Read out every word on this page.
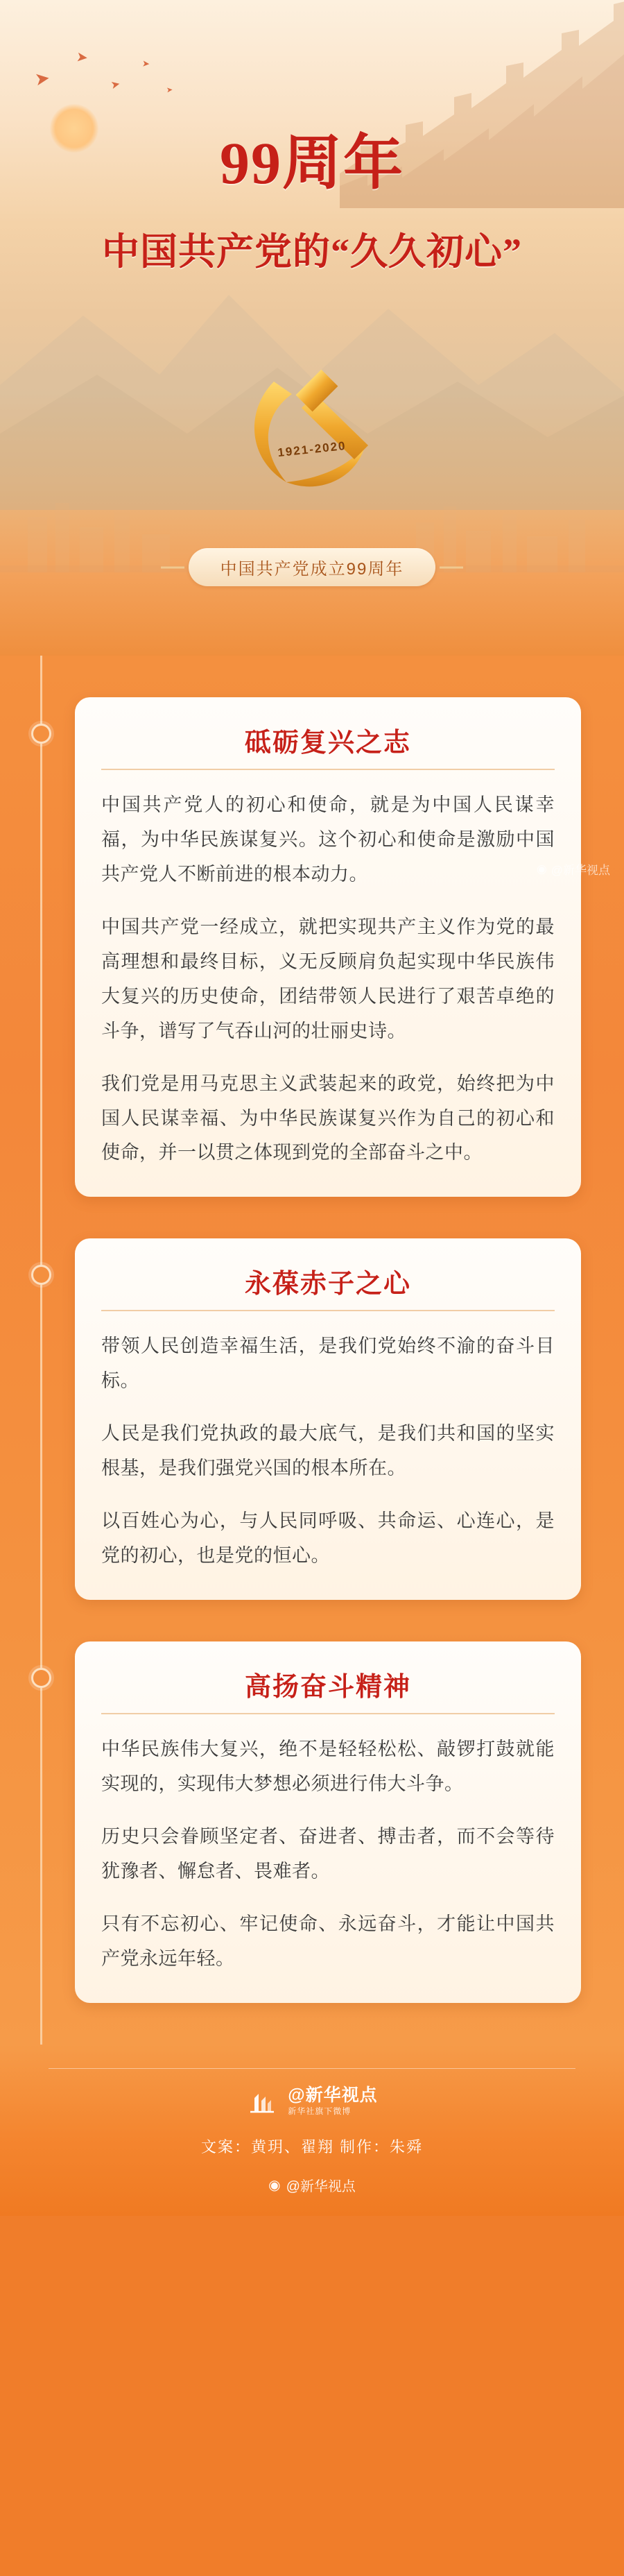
➤
➤
➤
➤
➤
99周年
中国共产党的“久久初心”
1921-2020
中国共产党成立99周年
砥砺复兴之志

中国共产党人的初心和使命，就是为中国人民谋幸福，为中华民族谋复兴。这个初心和使命是激励中国共产党人不断前进的根本动力。

中国共产党一经成立，就把实现共产主义作为党的最高理想和最终目标，义无反顾肩负起实现中华民族伟大复兴的历史使命，团结带领人民进行了艰苦卓绝的斗争，谱写了气吞山河的壮丽史诗。

我们党是用马克思主义武装起来的政党，始终把为中国人民谋幸福、为中华民族谋复兴作为自己的初心和使命，并一以贯之体现到党的全部奋斗之中。

永葆赤子之心

带领人民创造幸福生活，是我们党始终不渝的奋斗目标。

人民是我们党执政的最大底气，是我们共和国的坚实根基，是我们强党兴国的根本所在。

以百姓心为心，与人民同呼吸、共命运、心连心，是党的初心，也是党的恒心。

高扬奋斗精神

中华民族伟大复兴，绝不是轻轻松松、敲锣打鼓就能实现的，实现伟大梦想必须进行伟大斗争。

历史只会眷顾坚定者、奋进者、搏击者，而不会等待犹豫者、懈怠者、畏难者。

只有不忘初心、牢记使命、永远奋斗，才能让中国共产党永远年轻。

@新华视点
新华社旗下微博
文案：黄玥、翟翔 制作：朱舜
◉ @新华视点
◉ @新华视点
